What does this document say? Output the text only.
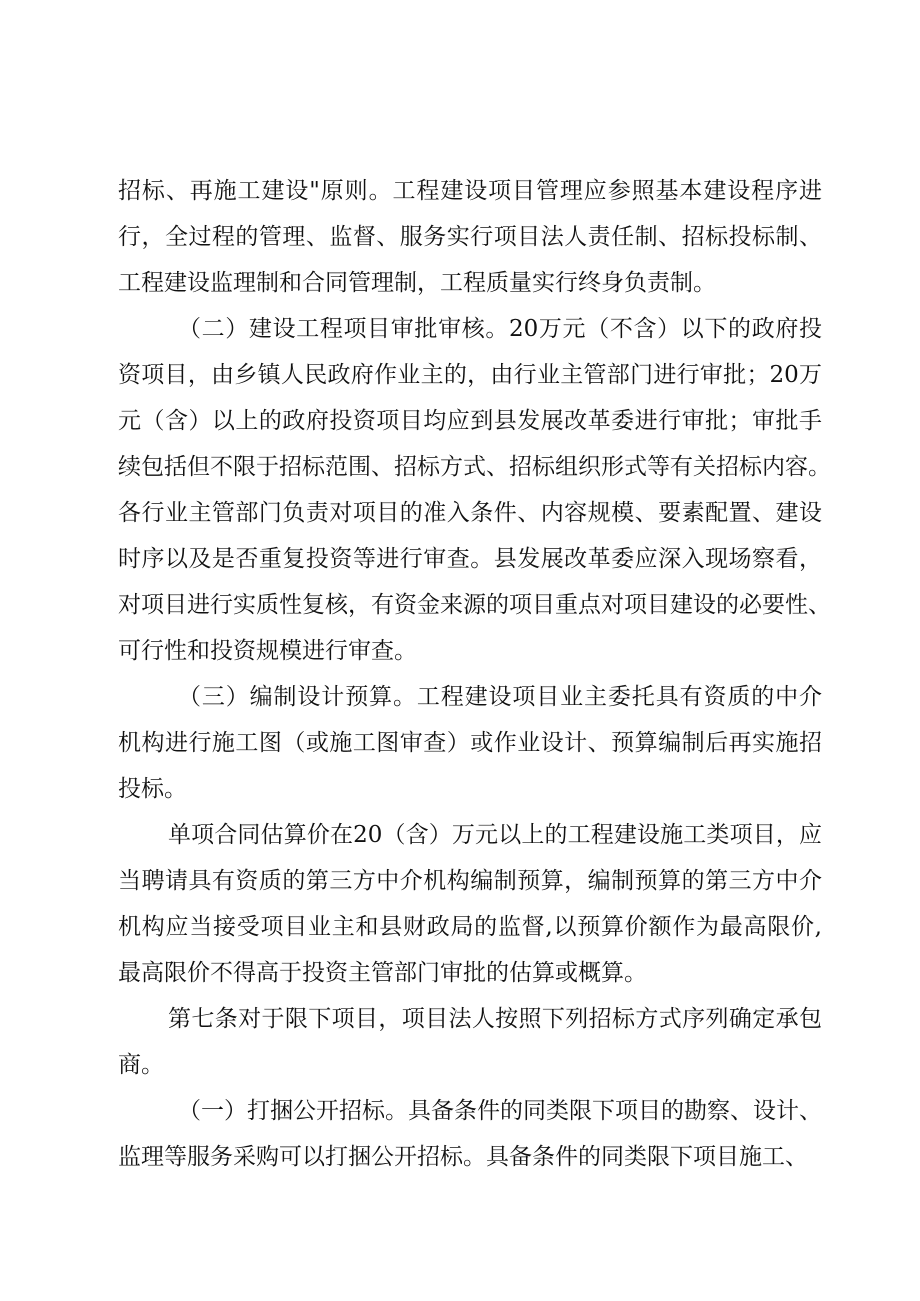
招标、再施工建设"原则。工程建设项目管理应参照基本建设程序进
行，全过程的管理、监督、服务实行项目法人责任制、招标投标制、
工程建设监理制和合同管理制，工程质量实行终身负责制。
（二）建设工程项目审批审核。20万元（不含）以下的政府投
资项目，由乡镇人民政府作业主的，由行业主管部门进行审批；20万
元（含）以上的政府投资项目均应到县发展改革委进行审批；审批手
续包括但不限于招标范围、招标方式、招标组织形式等有关招标内容。
各行业主管部门负责对项目的准入条件、内容规模、要素配置、建设
时序以及是否重复投资等进行审查。县发展改革委应深入现场察看，
对项目进行实质性复核，有资金来源的项目重点对项目建设的必要性、
可行性和投资规模进行审查。
（三）编制设计预算。工程建设项目业主委托具有资质的中介
机构进行施工图（或施工图审查）或作业设计、预算编制后再实施招
投标。
单项合同估算价在20（含）万元以上的工程建设施工类项目，应
当聘请具有资质的第三方中介机构编制预算，编制预算的第三方中介
机构应当接受项目业主和县财政局的监督,以预算价额作为最高限价,
最高限价不得高于投资主管部门审批的估算或概算。
第七条对于限下项目，项目法人按照下列招标方式序列确定承包
商。
（一）打捆公开招标。具备条件的同类限下项目的勘察、设计、
监理等服务采购可以打捆公开招标。具备条件的同类限下项目施工、
